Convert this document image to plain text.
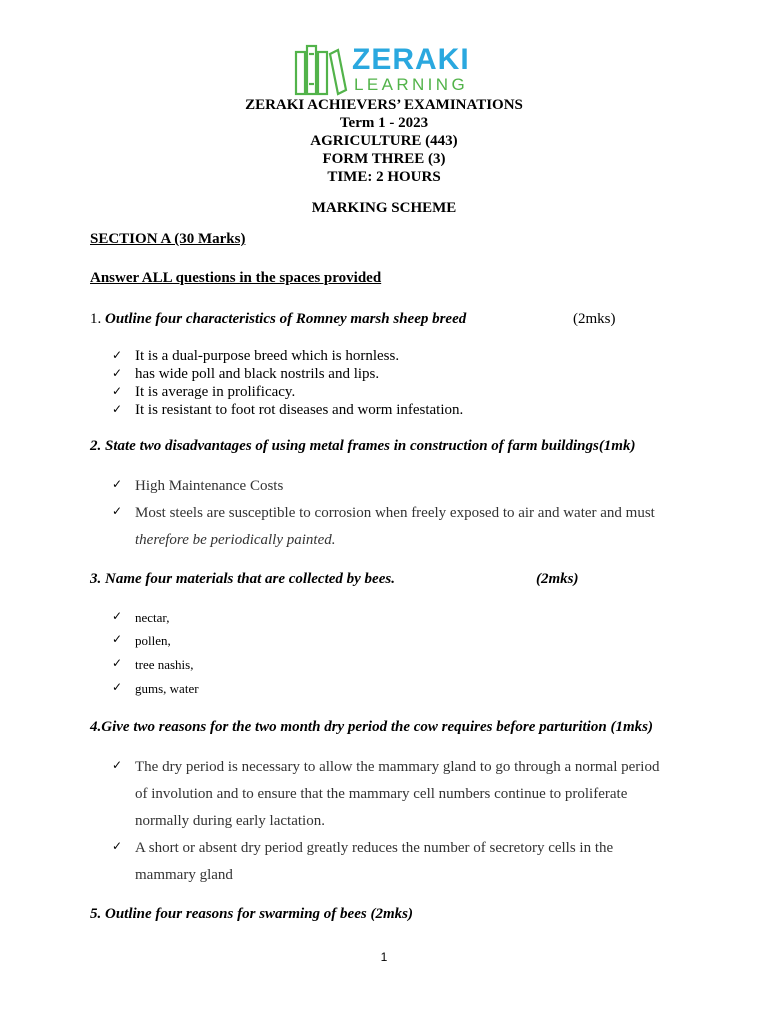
ZERAKI
LEARNING
ZERAKI ACHIEVERS’ EXAMINATIONS
Term 1 - 2023
AGRICULTURE (443)
FORM THREE (3)
TIME: 2 HOURS
MARKING SCHEME
SECTION A (30 Marks)
Answer ALL questions in the spaces provided
1. Outline four characteristics of Romney marsh sheep breed	(2mks)
✓ It is a dual-purpose breed which is hornless.
✓ has wide poll and black nostrils and lips.
✓ It is average in prolificacy.
✓ It is resistant to foot rot diseases and worm infestation.
2. State two disadvantages of using metal frames in construction of farm buildings(1mk)
✓ High Maintenance Costs
✓ Most steels are susceptible to corrosion when freely exposed to air and water and must
therefore be periodically painted.
3. Name four materials that are collected by bees.	(2mks)
✓ nectar,
✓ pollen,
✓ tree nashis,
✓ gums, water
4.Give two reasons for the two month dry period the cow requires before parturition (1mks)
✓ The dry period is necessary to allow the mammary gland to go through a normal period
of involution and to ensure that the mammary cell numbers continue to proliferate
normally during early lactation.
✓ A short or absent dry period greatly reduces the number of secretory cells in the
mammary gland
5. Outline four reasons for swarming of bees (2mks)
1
